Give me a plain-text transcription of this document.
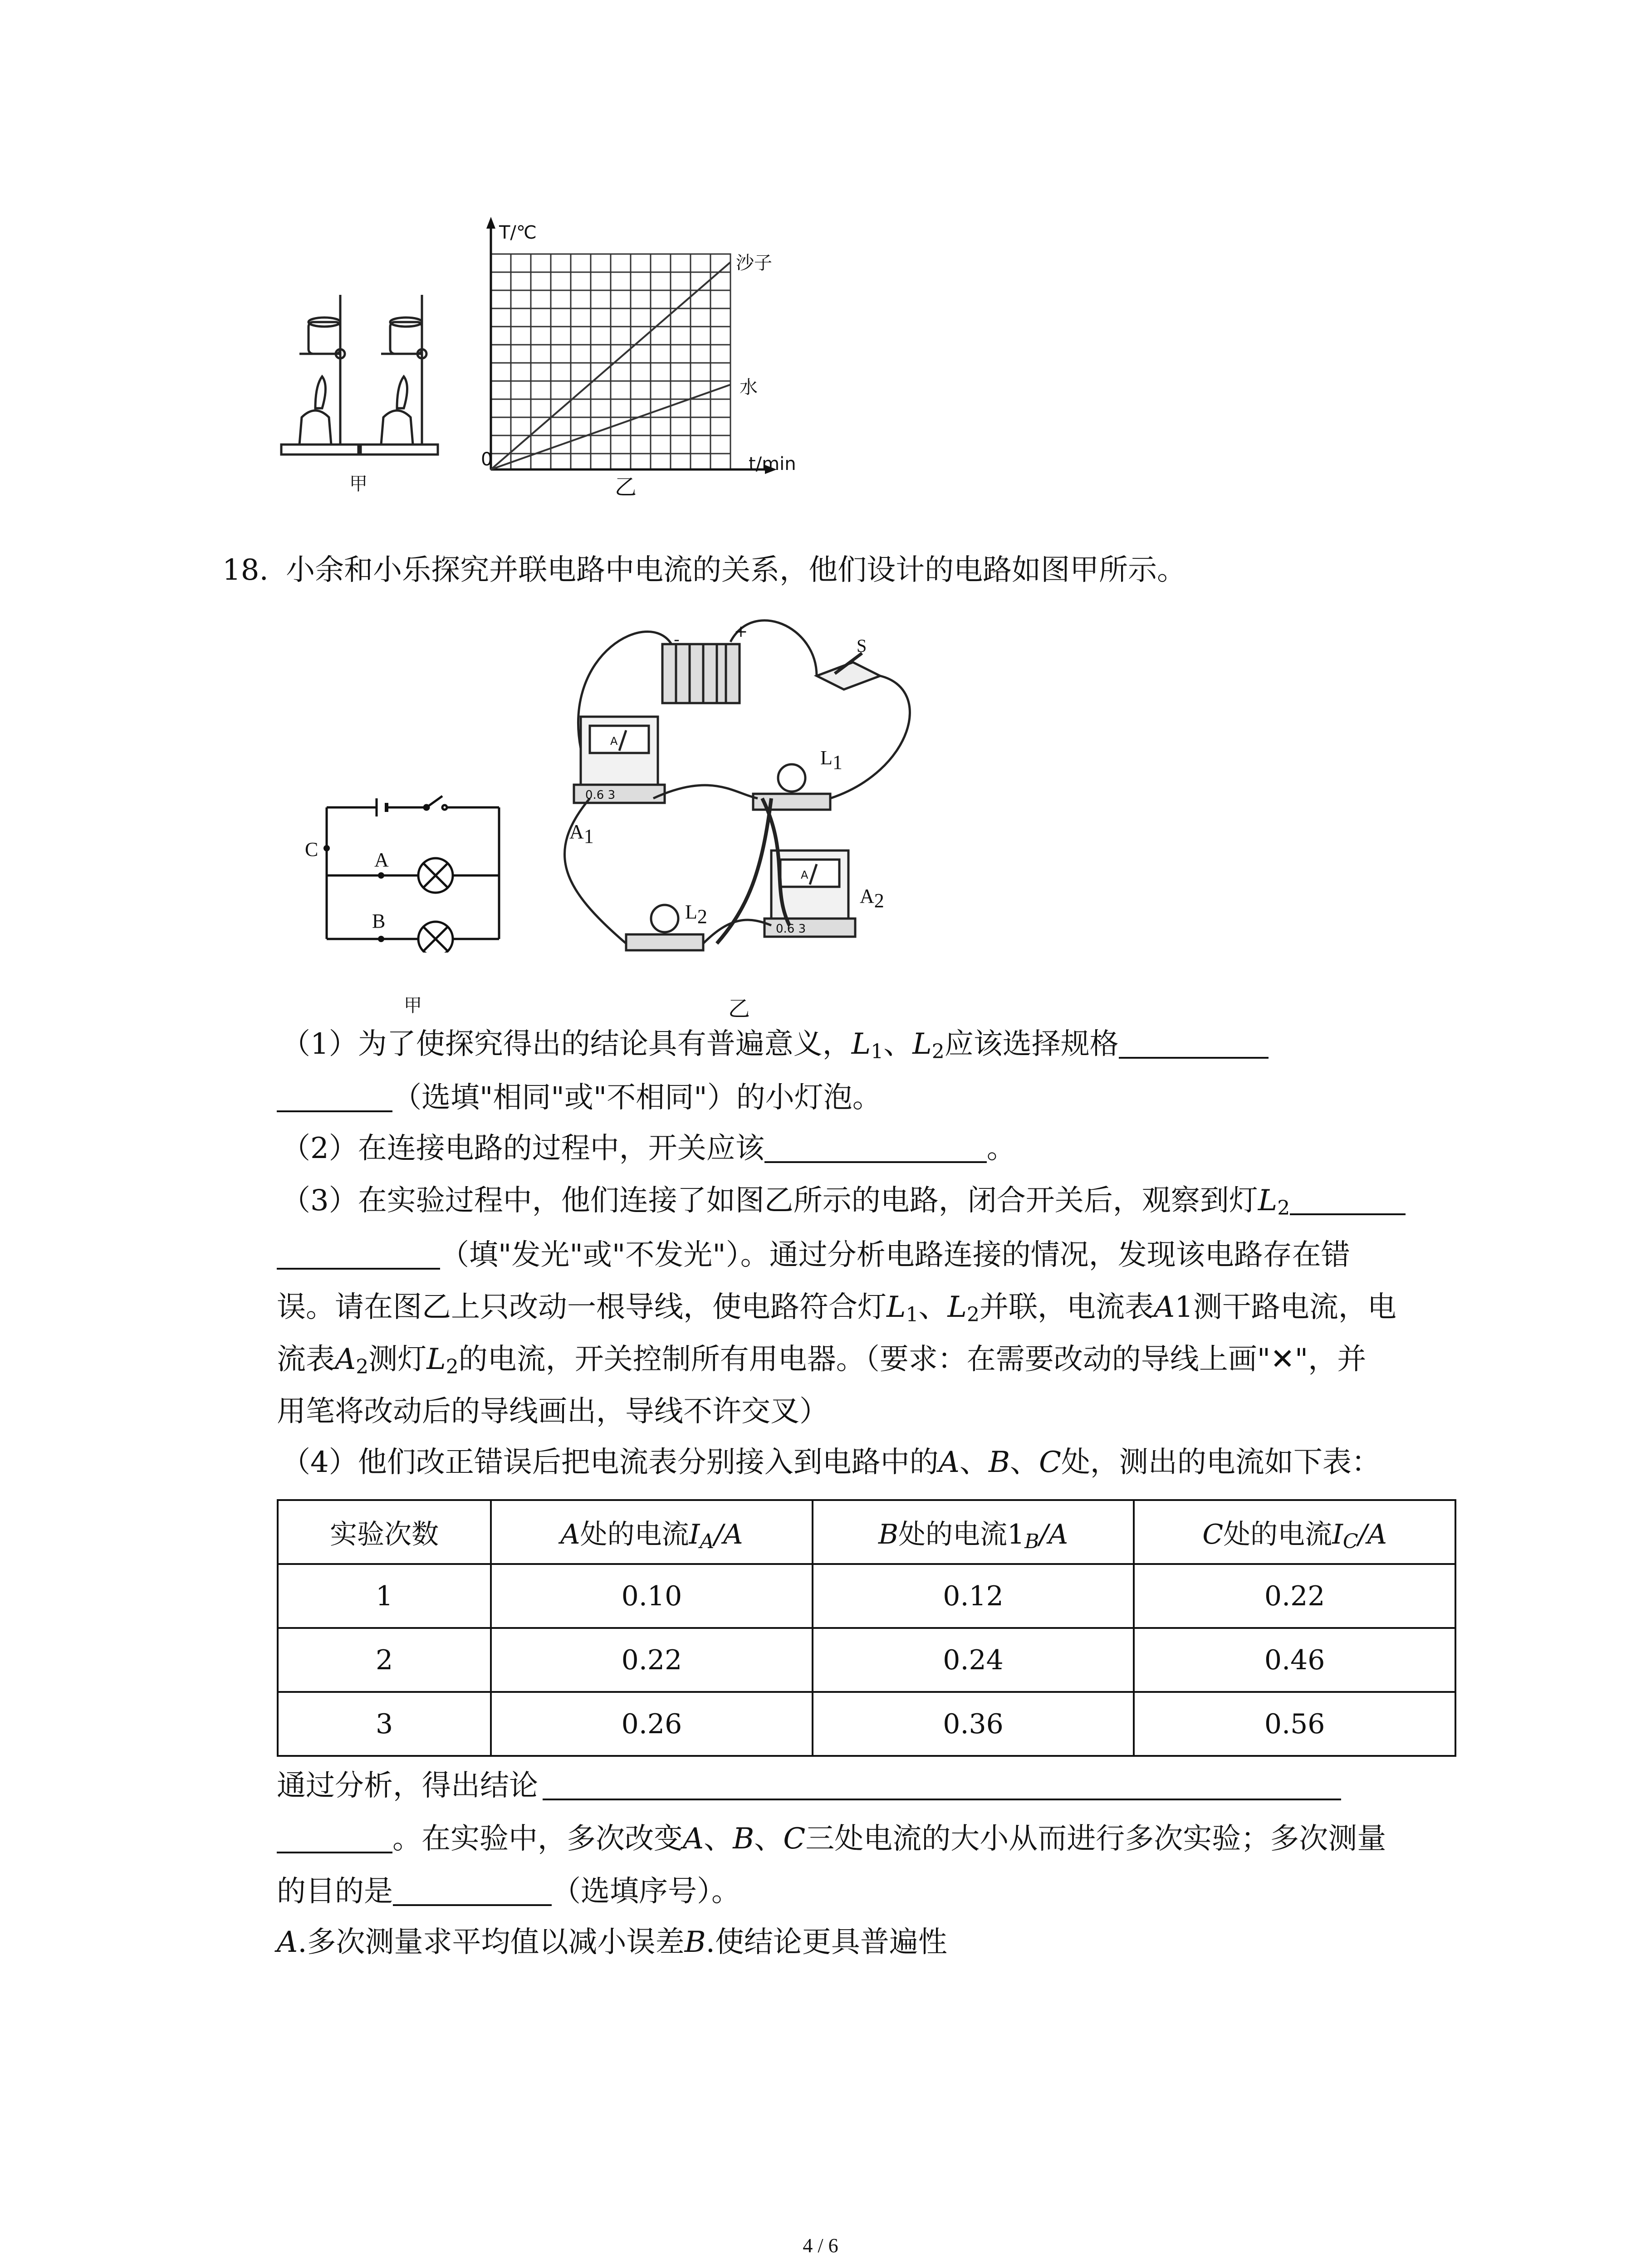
甲
T/℃
沙子
水
0	t/min
乙
18. 小余和小乐探究并联电路中电流的关系，他们设计的电路如图甲所示。
C	A
B
甲
-	+
S
A
0.6 3
$A_1$
$L_1$
A
0.6 3
$A_2$
$L_2$
乙
（1）为了使探究得出的结论具有普遍意义，$L_1$、$L_2$应该选择规格
（选填"相同"或"不相同"）的小灯泡。
（2）在连接电路的过程中，开关应该	。
（3）在实验过程中，他们连接了如图乙所示的电路，闭合开关后，观察到灯$L_2$
（填"发光"或"不发光"）。通过分析电路连接的情况，发现该电路存在错
误。请在图乙上只改动一根导线，使电路符合灯$L_1$、$L_2$并联，电流表A1测干路电流，电
流表$A_2$测灯$L_2$的电流，开关控制所有用电器。（要求：在需要改动的导线上画"✕"，并
用笔将改动后的导线画出，导线不许交叉）
（4）他们改正错误后把电流表分别接入到电路中的A、B、C处，测出的电流如下表：
实验次数	A处的电流$I_A/A$	B处的电流$1_B/A$	C处的电流$I_C/A$
1	0.10	0.12	0.22
2	0.22	0.24	0.46
3	0.26	0.36	0.56
通过分析，得出结论
。在实验中，多次改变A、B、C三处电流的大小从而进行多次实验；多次测量
的目的是	（选填序号）。
A.多次测量求平均值以减小误差B.使结论更具普遍性
4 / 6
